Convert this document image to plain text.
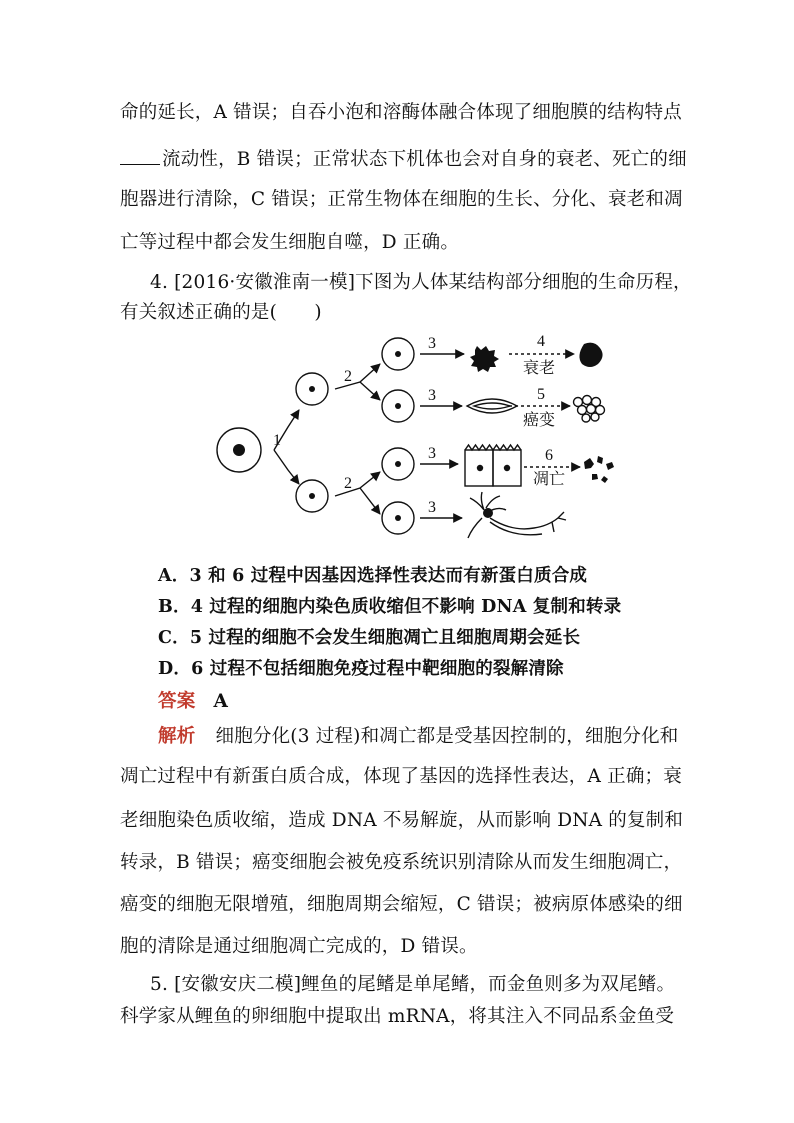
命的延长，A 错误；自吞小泡和溶酶体融合体现了细胞膜的结构特点
流动性，B 错误；正常状态下机体也会对自身的衰老、死亡的细
胞器进行清除，C 错误；正常生物体在细胞的生长、分化、衰老和凋
亡等过程中都会发生细胞自噬，D 正确。
4. [2016·安徽淮南一模]下图为人体某结构部分细胞的生命历程，
有关叙述正确的是(　　)
1
2
2
3
3
3
3
4
5
6
衰老
癌变
凋亡
A．3 和 6 过程中因基因选择性表达而有新蛋白质合成
B．4 过程的细胞内染色质收缩但不影响 DNA 复制和转录
C．5 过程的细胞不会发生细胞凋亡且细胞周期会延长
D．6 过程不包括细胞免疫过程中靶细胞的裂解清除
答案 A
解析 细胞分化(3 过程)和凋亡都是受基因控制的，细胞分化和
凋亡过程中有新蛋白质合成，体现了基因的选择性表达，A 正确；衰
老细胞染色质收缩，造成 DNA 不易解旋，从而影响 DNA 的复制和
转录，B 错误；癌变细胞会被免疫系统识别清除从而发生细胞凋亡，
癌变的细胞无限增殖，细胞周期会缩短，C 错误；被病原体感染的细
胞的清除是通过细胞凋亡完成的，D 错误。
5. [安徽安庆二模]鲤鱼的尾鳍是单尾鳍，而金鱼则多为双尾鳍。
科学家从鲤鱼的卵细胞中提取出 mRNA，将其注入不同品系金鱼受
